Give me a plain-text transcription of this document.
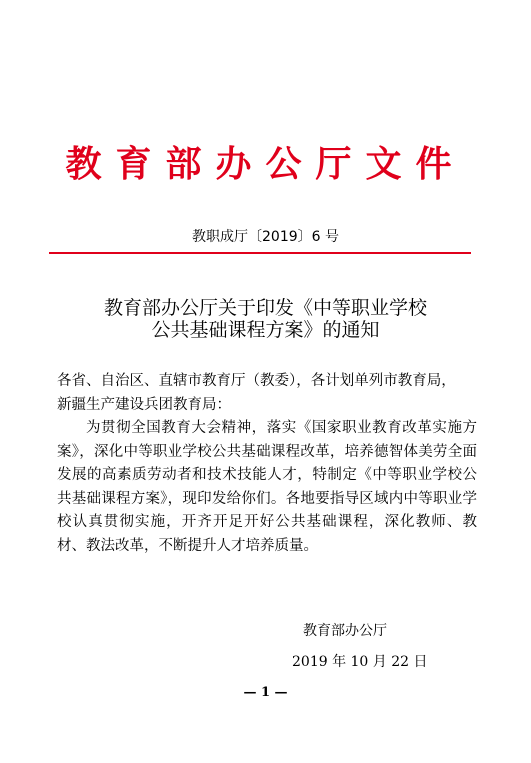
教育部办公厅文件
教职成厅〔2019〕6 号
教育部办公厅关于印发《中等职业学校
公共基础课程方案》的通知

各省、自治区、直辖市教育厅（教委），各计划单列市教育局，

新疆生产建设兵团教育局：

为贯彻全国教育大会精神，落实《国家职业教育改革实施方案》，深化中等职业学校公共基础课程改革，培养德智体美劳全面发展的高素质劳动者和技术技能人才，特制定《中等职业学校公共基础课程方案》，现印发给你们。各地要指导区域内中等职业学校认真贯彻实施，开齐开足开好公共基础课程，深化教师、教材、教法改革，不断提升人才培养质量。

教育部办公厅
2019 年 10 月 22 日
— 1 —
